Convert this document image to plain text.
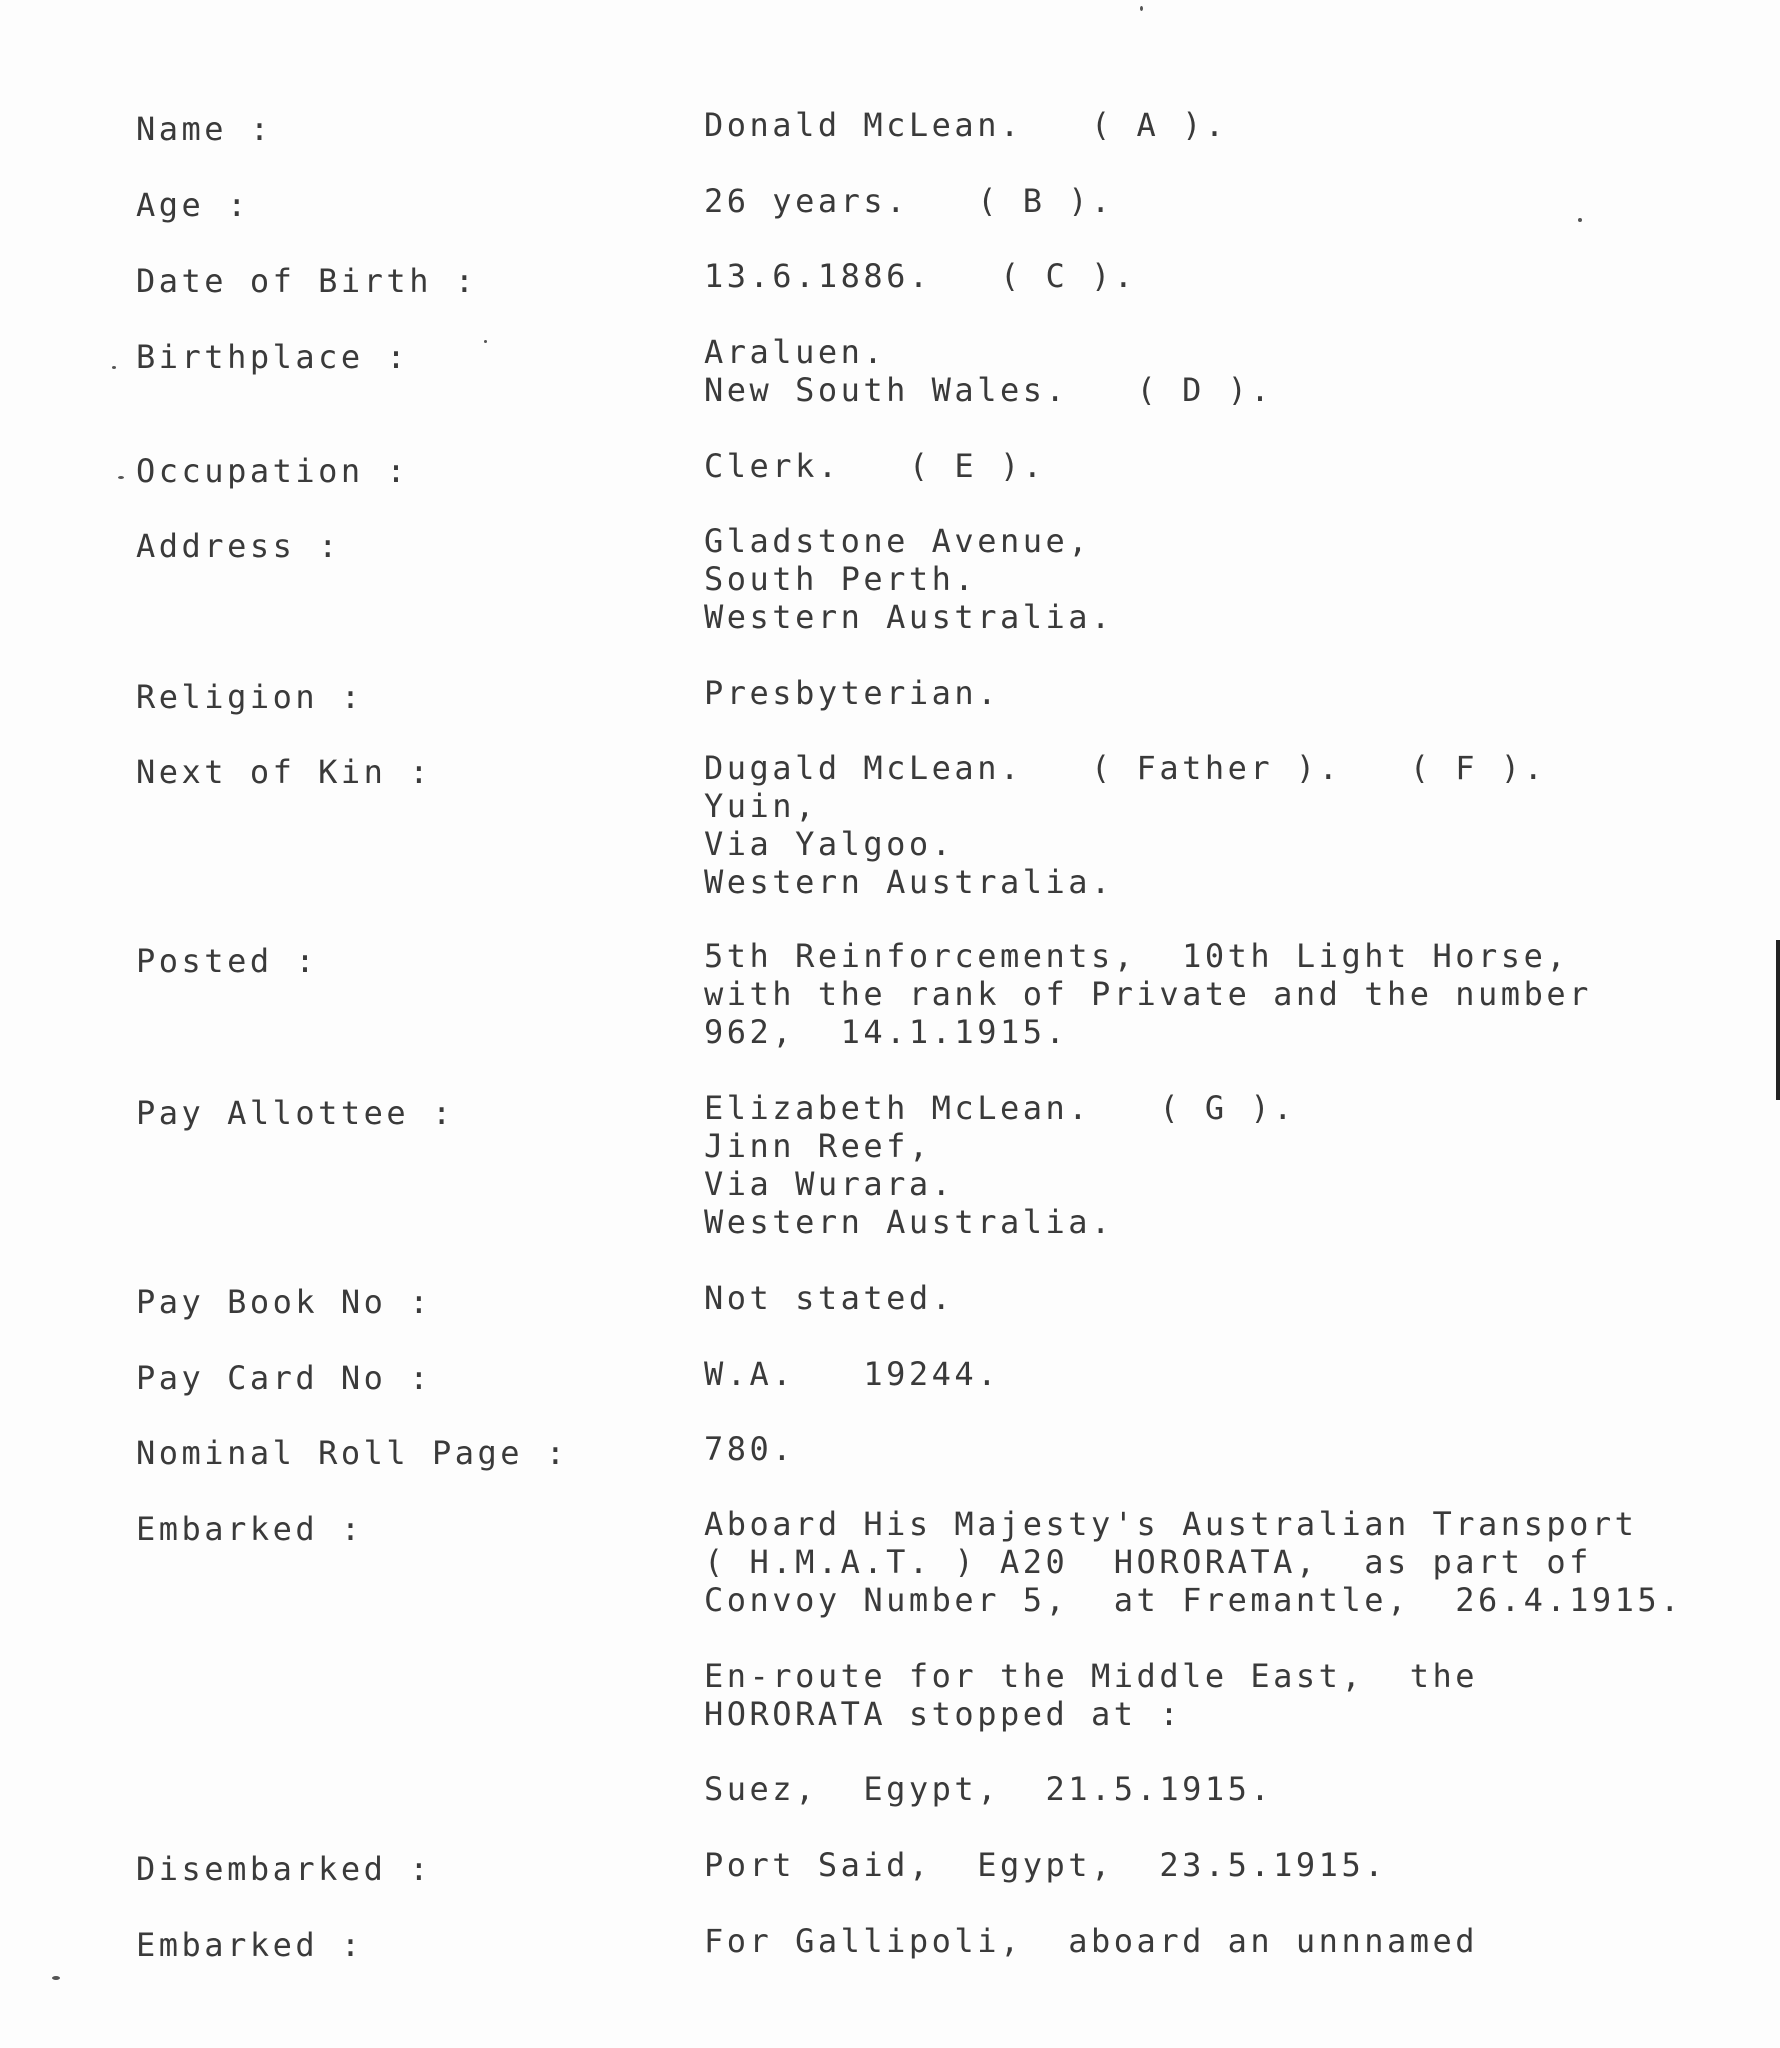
Name :	Donald McLean.   ( A ).
Age :	26 years.   ( B ).
Date of Birth :	13.6.1886.   ( C ).
Birthplace :	Araluen.
New South Wales.   ( D ).
Occupation :	Clerk.   ( E ).
Address :	Gladstone Avenue,
South Perth.
Western Australia.
Religion :	Presbyterian.
Next of Kin :	Dugald McLean.   ( Father ).   ( F ).
Yuin,
Via Yalgoo.
Western Australia.
Posted :	5th Reinforcements,  10th Light Horse,
with the rank of Private and the number
962,  14.1.1915.
Pay Allottee :	Elizabeth McLean.   ( G ).
Jinn Reef,
Via Wurara.
Western Australia.
Pay Book No :	Not stated.
Pay Card No :	W.A.   19244.
Nominal Roll Page :	780.
Embarked :	Aboard His Majesty's Australian Transport
( H.M.A.T. ) A20  HORORATA,  as part of
Convoy Number 5,  at Fremantle,  26.4.1915.
En-route for the Middle East,  the
HORORATA stopped at :
Suez,  Egypt,  21.5.1915.
Disembarked :	Port Said,  Egypt,  23.5.1915.
Embarked :	For Gallipoli,  aboard an unnnamed
